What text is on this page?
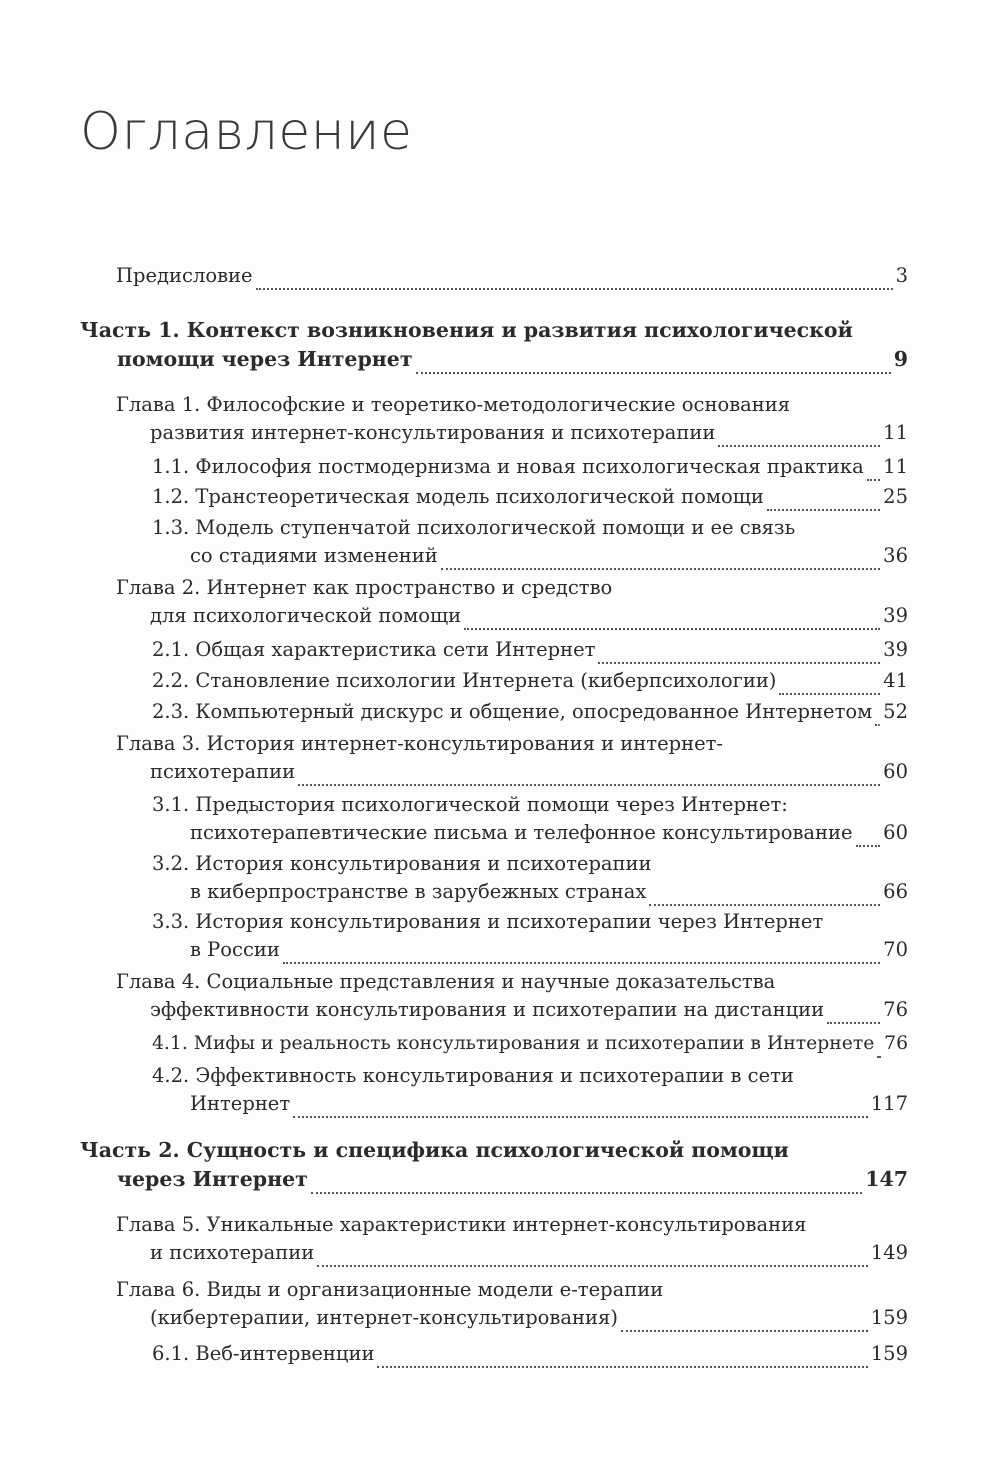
Оглавление
Предисловие	3
Часть 1. Контекст возникновения и развития психологической
помощи через Интернет	9
Глава 1. Философские и теоретико-методологические основания
развития интернет-консультирования и психотерапии	11
1.1. Философия постмодернизма и новая психологическая практика 11
1.2. Транстеоретическая модель психологической помощи	25
1.3. Модель ступенчатой психологической помощи и ее связь
со стадиями изменений	36
Глава 2. Интернет как пространство и средство
для психологической помощи	39
2.1. Общая характеристика сети Интернет	39
2.2. Становление психологии Интернета (киберпсихологии)	41
2.3. Компьютерный дискурс и общение, опосредованное Интернетом 52
Глава 3. История интернет-консультирования и интернет-
психотерапии	60
3.1. Предыстория психологической помощи через Интернет:
психотерапевтические письма и телефонное консультирование 60
3.2. История консультирования и психотерапии
в киберпространстве в зарубежных странах	66
3.3. История консультирования и психотерапии через Интернет
в России	70
Глава 4. Социальные представления и научные доказательства
эффективности консультирования и психотерапии на дистанции	76
4.1. Мифы и реальность консультирования и психотерапии в Интернете 76
4.2. Эффективность консультирования и психотерапии в сети
Интернет	117
Часть 2. Сущность и специфика психологической помощи
через Интернет	147
Глава 5. Уникальные характеристики интернет-консультирования
и психотерапии	149
Глава 6. Виды и организационные модели е-терапии
(кибертерапии, интернет-консультирования)	159
6.1. Веб-интервенции	159
